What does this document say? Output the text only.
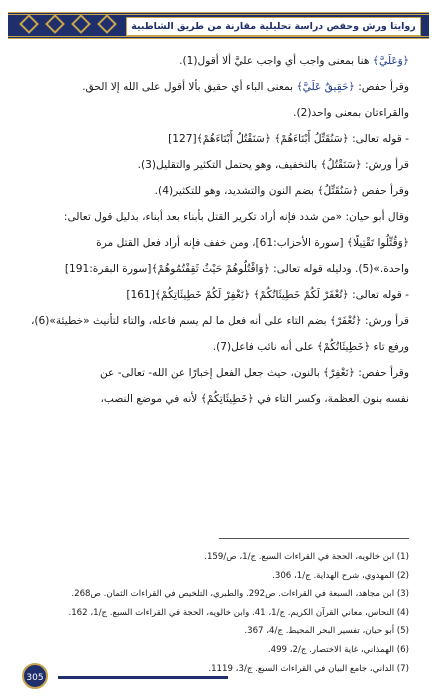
روايتا ورش وحفص دراسة تحليلية مقارنة من طريق الشاطبية

﴿وَعَلَيَّ﴾ هنا بمعنى واجب أي واجب عليَّ ألا أقول(1).

وقرأ حفص: ﴿حَقِيقٌ عَلَيَّ﴾ بمعنى الباء أي حقيق بألا أقول على الله إلا الحق.

والقراءتان بمعنى واحد(2).

- قوله تعالى: ﴿سَنُقَتِّلُ أَبْنَاءَهُمْ﴾ ﴿سَنَقْتُلُ أَبْنَاءَهُمْ﴾[127]

قرأ ورش: ﴿سَنَقْتُلُ﴾ بالتخفيف، وهو يحتمل التكثير والتقليل(3).

وقرأ حفص ﴿سَنُقَتِّلُ﴾ بضم النون والتشديد، وهو للتكثير(4).

وقال أبو حيان: «من شدد فإنه أراد تكرير القتل بأبناء بعد أبناء، بدليل قول تعالى:

﴿وَقُتِّلُوا تَقْتِيلًا﴾ [سورة الأحزاب:61]، ومن خفف فإنه أراد فعل القتل مرة

واحدة.»(5). ودليله قوله تعالى: ﴿وَاقْتُلُوهُمْ حَيْثُ ثَقِفْتُمُوهُمْ﴾[سورة البقرة:191]

- قوله تعالى: ﴿تُغْفَرْ لَكُمْ خَطِيئَاتُكُمْ﴾ ﴿نَغْفِرْ لَكُمْ خَطِيئَاتِكُمْ﴾[161]

قرأ ورش: ﴿تُغْفَرْ﴾ بضم التاء على أنه فعل ما لم يسم فاعله، والتاء لتأنيث «خطيئة»(6)،

ورفع تاء ﴿خَطِيئَاتُكُمْ﴾ على أنه نائب فاعل(7).

وقرأ حفص: ﴿نَغْفِرْ﴾ بالنون، حيث جعل الفعل إخبارًا عن الله- تعالى- عن

نفسه بنون العظمة، وكسر التاء في ﴿خَطِيئَاتِكُمْ﴾ لأنه في موضع النصب،

(1) ابن خالويه، الحجة في القراءات السبع. ج/1، ص/159.

(2) المهدوي، شرح الهداية. ج/1، 306.

(3) ابن مجاهد، السبعة في القراءات. ص292. والطبري، التلخيص في القراءات الثمان. ص268.

(4) النحاس، معاني القرآن الكريم. ج/1، 41. وابن خالويه، الحجة في القراءات السبع. ج/1، 162.

(5) أبو حيان، تفسير البحر المحيط. ج/4، 367.

(6) الهمذاني، غاية الاختصار. ج/2، 499.

(7) الداني، جامع البيان في القراءات السبع. ج/3، 1119.

305
